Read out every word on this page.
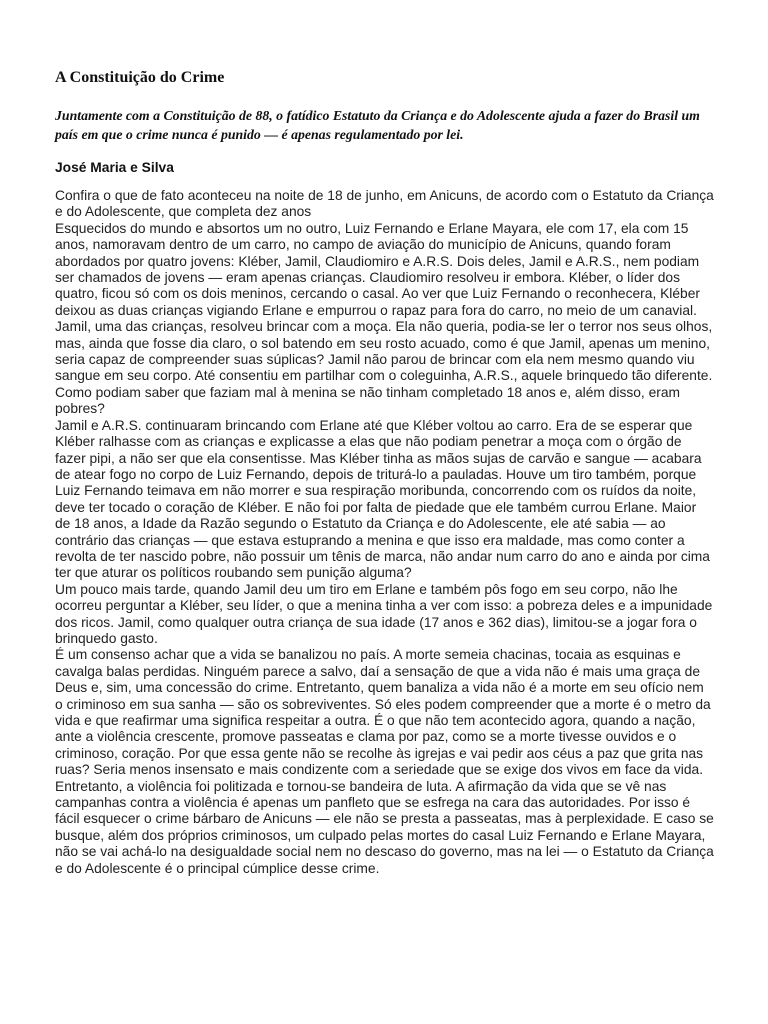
A Constituição do Crime

Juntamente com a Constituição de 88, o fatídico Estatuto da Criança e do Adolescente ajuda a fazer do Brasil um país em que o crime nunca é punido — é apenas regulamentado por lei.

José Maria e Silva

Confira o que de fato aconteceu na noite de 18 de junho, em Anicuns, de acordo com o Estatuto da Criança e do Adolescente, que completa dez anos

Esquecidos do mundo e absortos um no outro, Luiz Fernando e Erlane Mayara, ele com 17, ela com 15 anos, namoravam dentro de um carro, no campo de aviação do município de Anicuns, quando foram abordados por quatro jovens: Kléber, Jamil, Claudiomiro e A.R.S. Dois deles, Jamil e A.R.S., nem podiam ser chamados de jovens — eram apenas crianças. Claudiomiro resolveu ir embora. Kléber, o líder dos quatro, ficou só com os dois meninos, cercando o casal. Ao ver que Luiz Fernando o reconhecera, Kléber deixou as duas crianças vigiando Erlane e empurrou o rapaz para fora do carro, no meio de um canavial. Jamil, uma das crianças, resolveu brincar com a moça. Ela não queria, podia-se ler o terror nos seus olhos, mas, ainda que fosse dia claro, o sol batendo em seu rosto acuado, como é que Jamil, apenas um menino, seria capaz de compreender suas súplicas? Jamil não parou de brincar com ela nem mesmo quando viu sangue em seu corpo. Até consentiu em partilhar com o coleguinha, A.R.S., aquele brinquedo tão diferente. Como podiam saber que faziam mal à menina se não tinham completado 18 anos e, além disso, eram pobres?

Jamil e A.R.S. continuaram brincando com Erlane até que Kléber voltou ao carro. Era de se esperar que Kléber ralhasse com as crianças e explicasse a elas que não podiam penetrar a moça com o órgão de fazer pipi, a não ser que ela consentisse. Mas Kléber tinha as mãos sujas de carvão e sangue — acabara de atear fogo no corpo de Luiz Fernando, depois de triturá-lo a pauladas. Houve um tiro também, porque Luiz Fernando teimava em não morrer e sua respiração moribunda, concorrendo com os ruídos da noite, deve ter tocado o coração de Kléber. E não foi por falta de piedade que ele também currou Erlane. Maior de 18 anos, a Idade da Razão segundo o Estatuto da Criança e do Adolescente, ele até sabia — ao contrário das crianças — que estava estuprando a menina e que isso era maldade, mas como conter a revolta de ter nascido pobre, não possuir um tênis de marca, não andar num carro do ano e ainda por cima ter que aturar os políticos roubando sem punição alguma?

Um pouco mais tarde, quando Jamil deu um tiro em Erlane e também pôs fogo em seu corpo, não lhe ocorreu perguntar a Kléber, seu líder, o que a menina tinha a ver com isso: a pobreza deles e a impunidade dos ricos. Jamil, como qualquer outra criança de sua idade (17 anos e 362 dias), limitou-se a jogar fora o brinquedo gasto.

É um consenso achar que a vida se banalizou no país. A morte semeia chacinas, tocaia as esquinas e cavalga balas perdidas. Ninguém parece a salvo, daí a sensação de que a vida não é mais uma graça de Deus e, sim, uma concessão do crime. Entretanto, quem banaliza a vida não é a morte em seu ofício nem o criminoso em sua sanha — são os sobreviventes. Só eles podem compreender que a morte é o metro da vida e que reafirmar uma significa respeitar a outra. É o que não tem acontecido agora, quando a nação, ante a violência crescente, promove passeatas e clama por paz, como se a morte tivesse ouvidos e o criminoso, coração. Por que essa gente não se recolhe às igrejas e vai pedir aos céus a paz que grita nas ruas? Seria menos insensato e mais condizente com a seriedade que se exige dos vivos em face da vida. Entretanto, a violência foi politizada e tornou-se bandeira de luta. A afirmação da vida que se vê nas campanhas contra a violência é apenas um panfleto que se esfrega na cara das autoridades. Por isso é fácil esquecer o crime bárbaro de Anicuns — ele não se presta a passeatas, mas à perplexidade. E caso se busque, além dos próprios criminosos, um culpado pelas mortes do casal Luiz Fernando e Erlane Mayara, não se vai achá-lo na desigualdade social nem no descaso do governo, mas na lei — o Estatuto da Criança e do Adolescente é o principal cúmplice desse crime.
